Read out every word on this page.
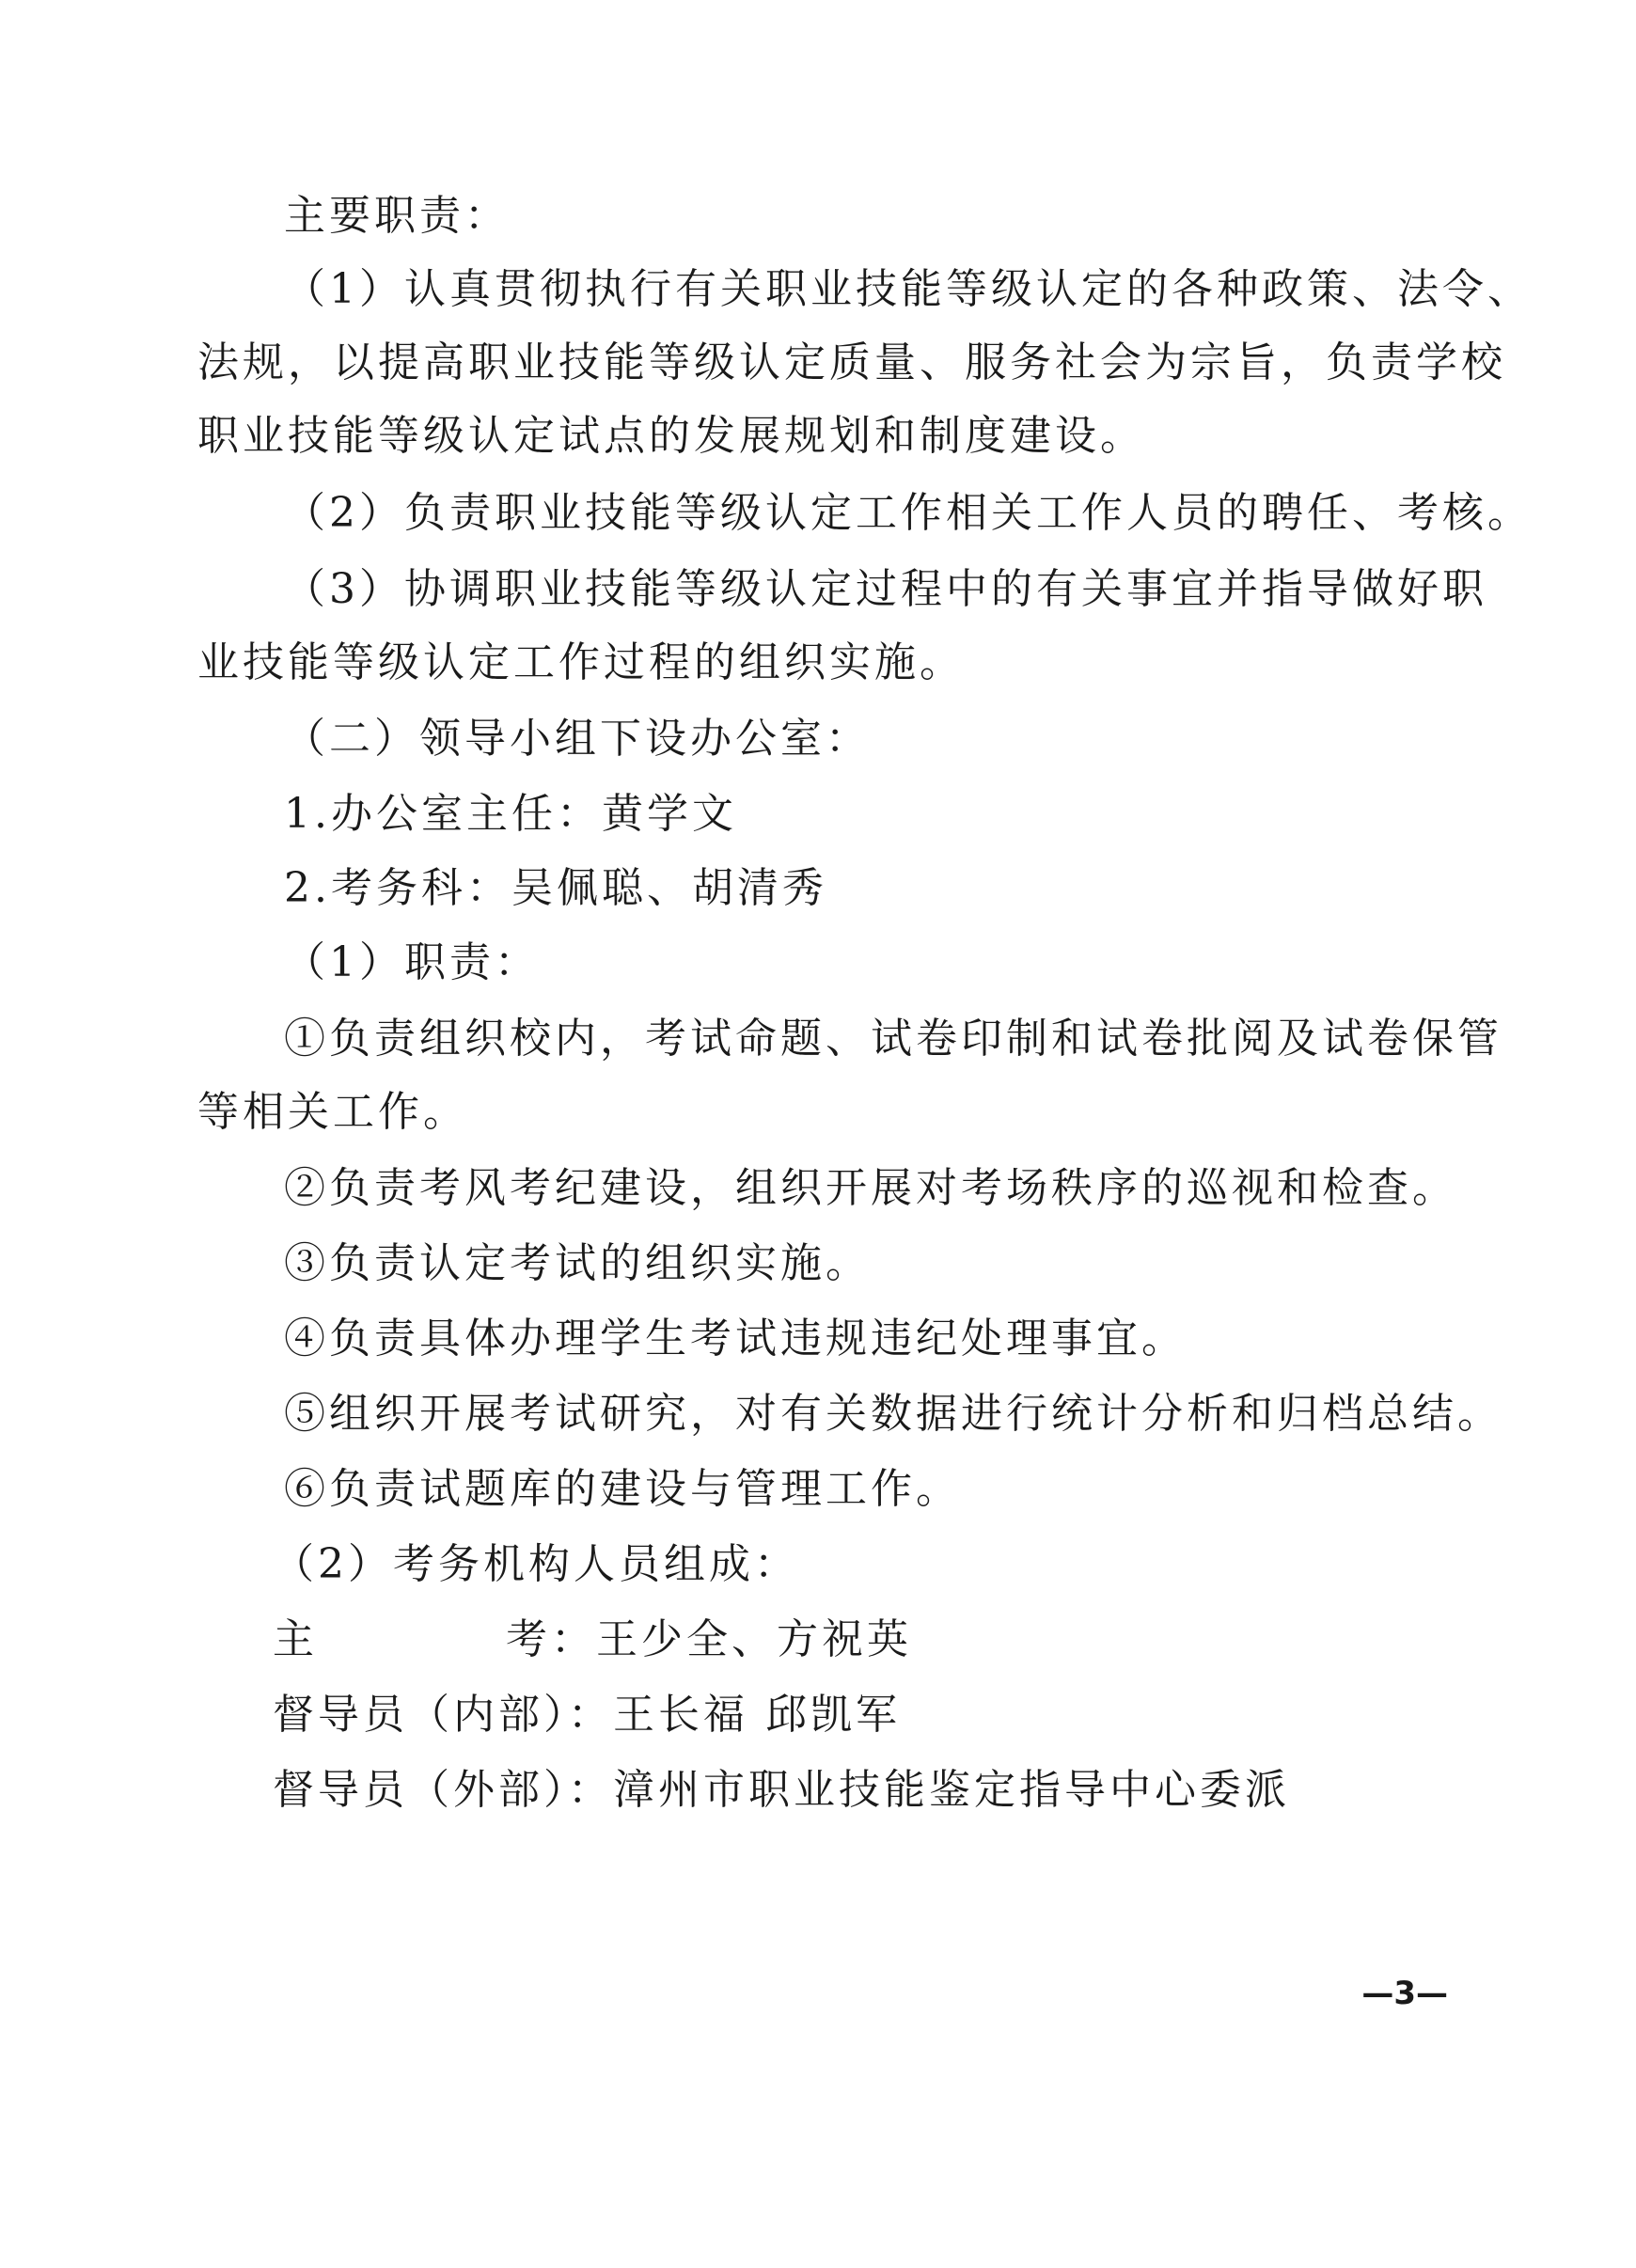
主要职责：
（1）认真贯彻执行有关职业技能等级认定的各种政策、法令、
法规，以提高职业技能等级认定质量、服务社会为宗旨，负责学校
职业技能等级认定试点的发展规划和制度建设。
（2）负责职业技能等级认定工作相关工作人员的聘任、考核。
（3）协调职业技能等级认定过程中的有关事宜并指导做好职
业技能等级认定工作过程的组织实施。
（二）领导小组下设办公室：
1.办公室主任：黄学文
2.考务科：吴佩聪、胡清秀
（1）职责：
①负责组织校内，考试命题、试卷印制和试卷批阅及试卷保管
等相关工作。
②负责考风考纪建设，组织开展对考场秩序的巡视和检查。
③负责认定考试的组织实施。
④负责具体办理学生考试违规违纪处理事宜。
⑤组织开展考试研究，对有关数据进行统计分析和归档总结。
⑥负责试题库的建设与管理工作。
（2）考务机构人员组成：
主	考：王少全、方祝英
督导员（内部）：王长福 邱凯军
督导员（外部）：漳州市职业技能鉴定指导中心委派
—3—
